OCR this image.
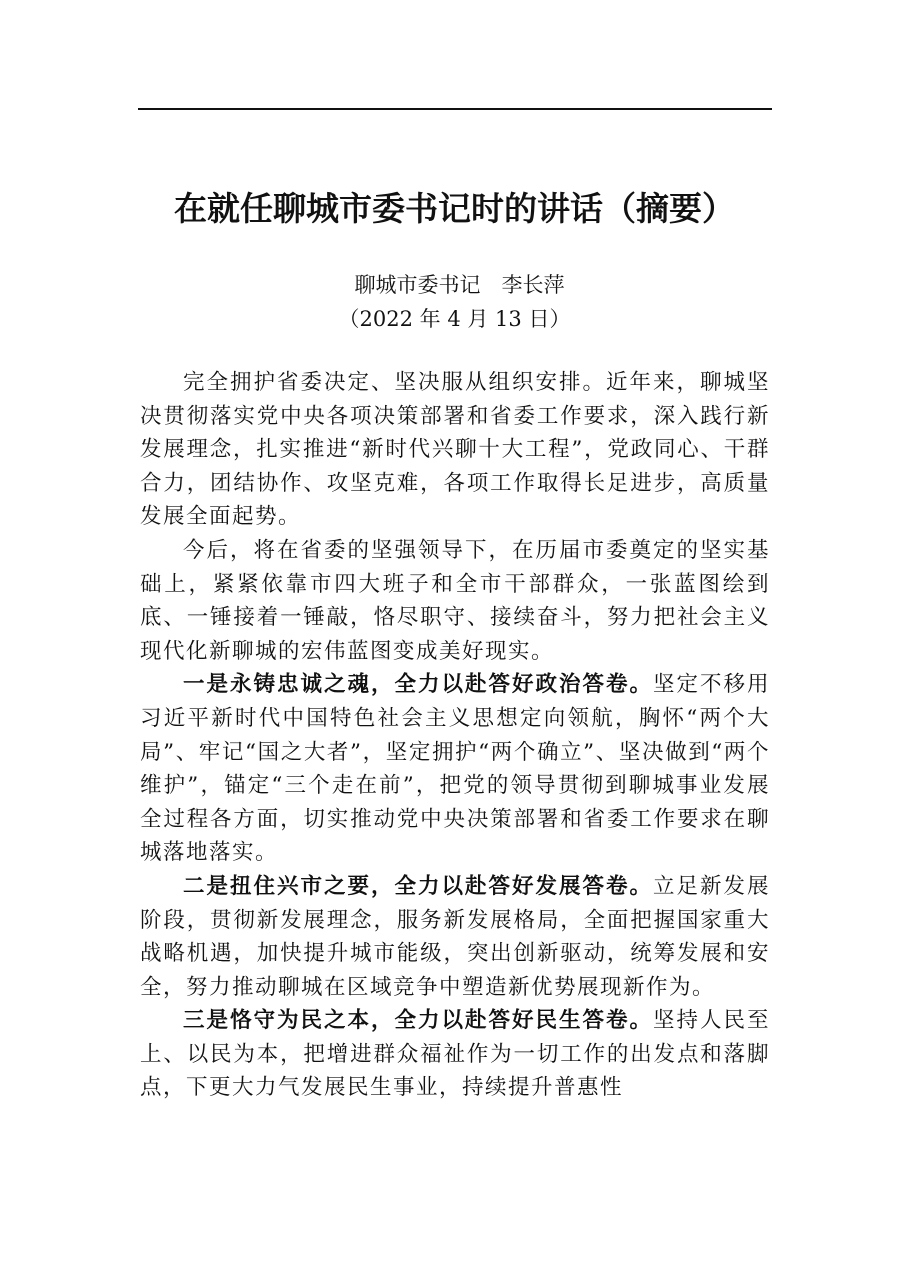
在就任聊城市委书记时的讲话（摘要）
聊城市委书记　李长萍
（2022 年 4 月 13 日）

完全拥护省委决定、坚决服从组织安排。近年来，聊城坚决贯彻落实党中央各项决策部署和省委工作要求，深入践行新发展理念，扎实推进“新时代兴聊十大工程”，党政同心、干群合力，团结协作、攻坚克难，各项工作取得长足进步，高质量发展全面起势。

今后，将在省委的坚强领导下，在历届市委奠定的坚实基础上，紧紧依靠市四大班子和全市干部群众，一张蓝图绘到底、一锤接着一锤敲，恪尽职守、接续奋斗，努力把社会主义现代化新聊城的宏伟蓝图变成美好现实。

一是永铸忠诚之魂，全力以赴答好政治答卷。坚定不移用习近平新时代中国特色社会主义思想定向领航，胸怀“两个大局”、牢记“国之大者”，坚定拥护“两个确立”、坚决做到“两个维护”，锚定“三个走在前”，把党的领导贯彻到聊城事业发展全过程各方面，切实推动党中央决策部署和省委工作要求在聊城落地落实。

二是扭住兴市之要，全力以赴答好发展答卷。立足新发展阶段，贯彻新发展理念，服务新发展格局，全面把握国家重大战略机遇，加快提升城市能级，突出创新驱动，统筹发展和安全，努力推动聊城在区域竞争中塑造新优势展现新作为。

三是恪守为民之本，全力以赴答好民生答卷。坚持人民至上、以民为本，把增进群众福祉作为一切工作的出发点和落脚点，下更大力气发展民生事业，持续提升普惠性
